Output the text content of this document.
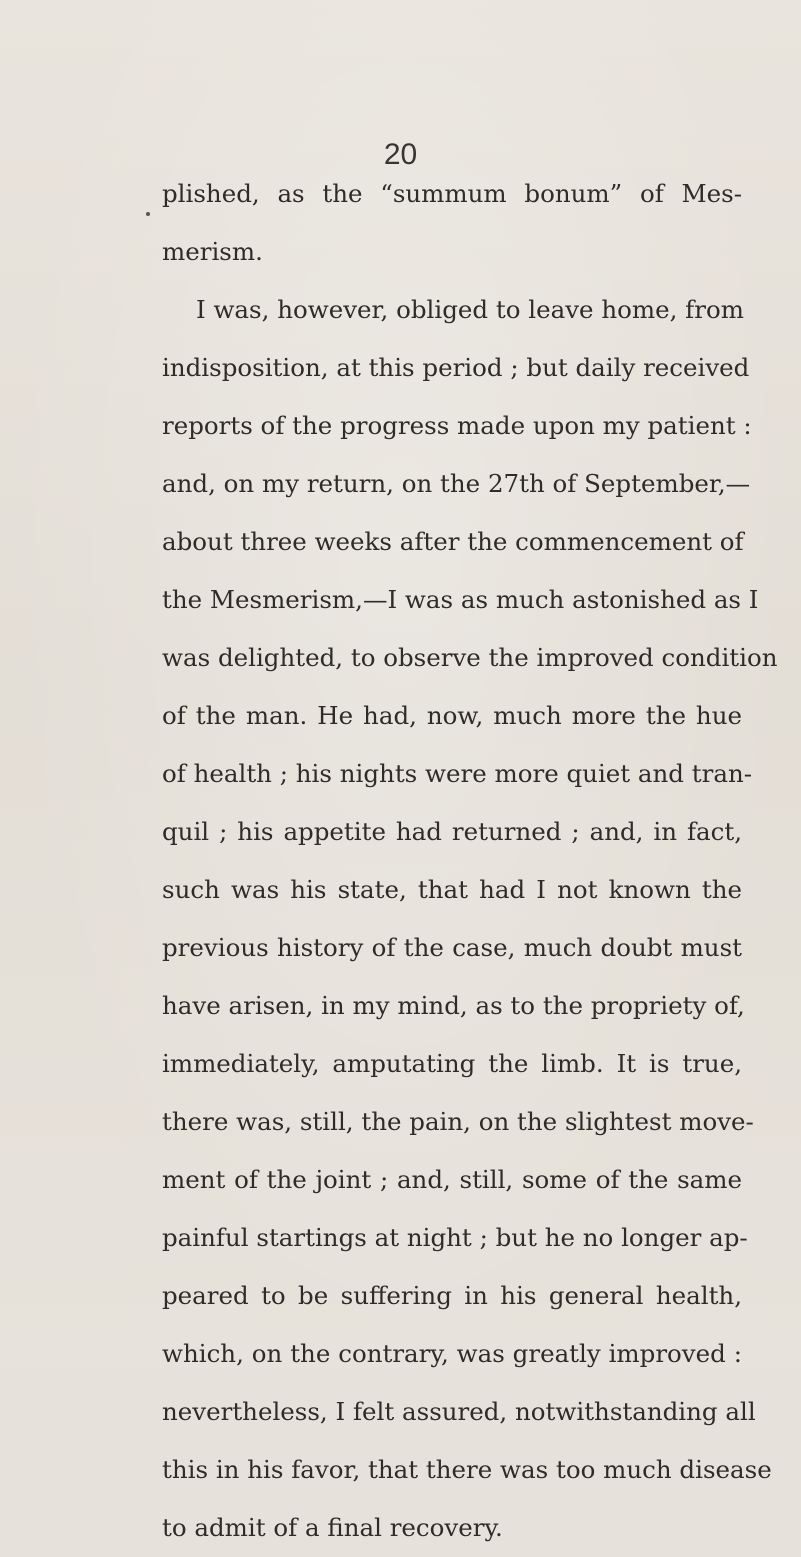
20
plished, as the “summum bonum” of Mes-
merism.
I was, however, obliged to leave home, from
indisposition, at this period ; but daily received
reports of the progress made upon my patient :
and, on my return, on the 27th of September,—
about three weeks after the commencement of
the Mesmerism,—I was as much astonished as I
was delighted, to observe the improved condition
of the man. He had, now, much more the hue
of health ; his nights were more quiet and tran-
quil ; his appetite had returned ; and, in fact,
such was his state, that had I not known the
previous history of the case, much doubt must
have arisen, in my mind, as to the propriety of,
immediately, amputating the limb. It is true,
there was, still, the pain, on the slightest move-
ment of the joint ; and, still, some of the same
painful startings at night ; but he no longer ap-
peared to be suffering in his general health,
which, on the contrary, was greatly improved :
nevertheless, I felt assured, notwithstanding all
this in his favor, that there was too much disease
to admit of a final recovery.
